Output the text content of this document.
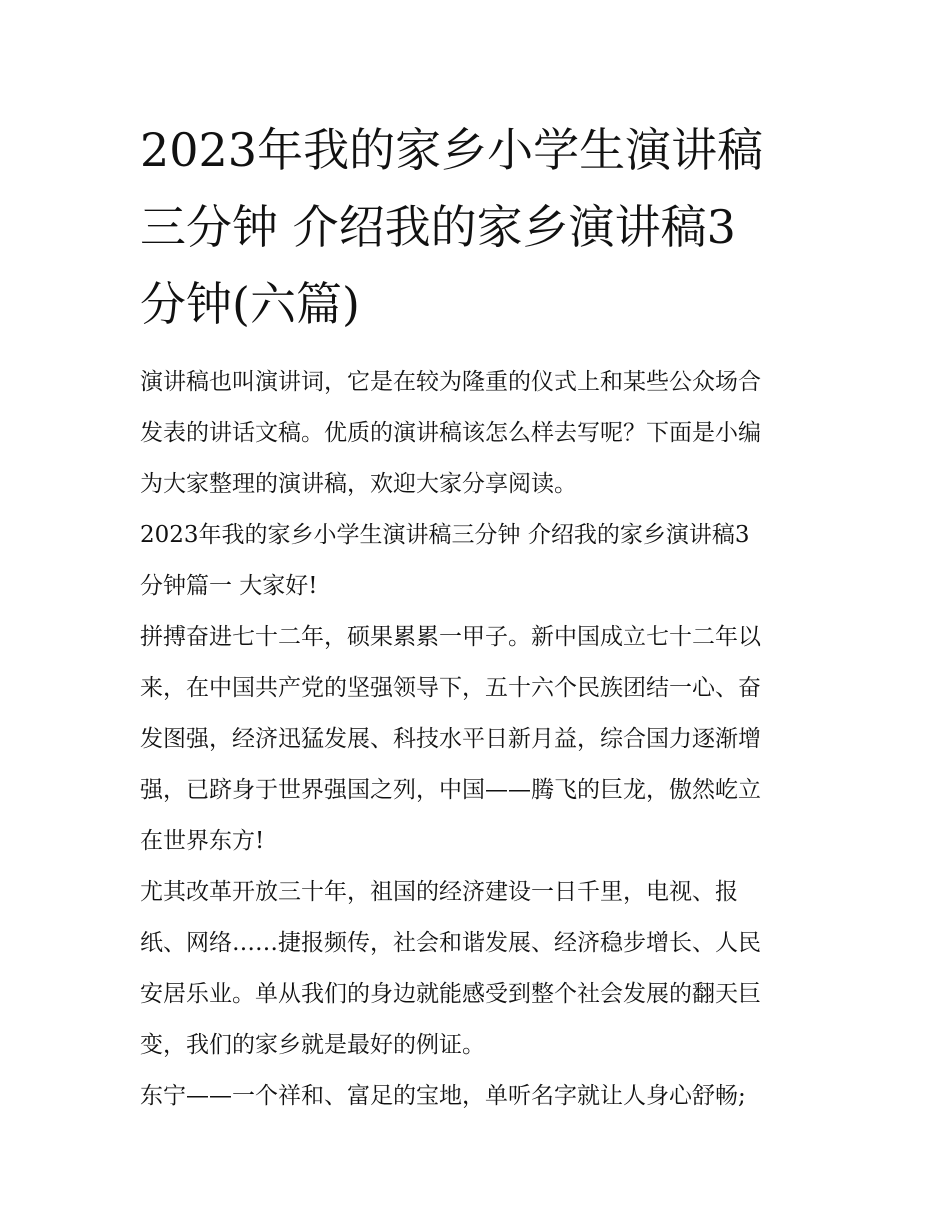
2023年我的家乡小学生演讲稿
三分钟 介绍我的家乡演讲稿3
分钟(六篇)

演讲稿也叫演讲词，它是在较为隆重的仪式上和某些公众场合
发表的讲话文稿。优质的演讲稿该怎么样去写呢？下面是小编
为大家整理的演讲稿，欢迎大家分享阅读。

2023年我的家乡小学生演讲稿三分钟 介绍我的家乡演讲稿3
分钟篇一 大家好!

拼搏奋进七十二年，硕果累累一甲子。新中国成立七十二年以
来，在中国共产党的坚强领导下，五十六个民族团结一心、奋
发图强，经济迅猛发展、科技水平日新月益，综合国力逐渐增
强，已跻身于世界强国之列，中国——腾飞的巨龙，傲然屹立
在世界东方!

尤其改革开放三十年，祖国的经济建设一日千里，电视、报
纸、网络……捷报频传，社会和谐发展、经济稳步增长、人民
安居乐业。单从我们的身边就能感受到整个社会发展的翻天巨
变，我们的家乡就是最好的例证。

东宁——一个祥和、富足的宝地，单听名字就让人身心舒畅;
